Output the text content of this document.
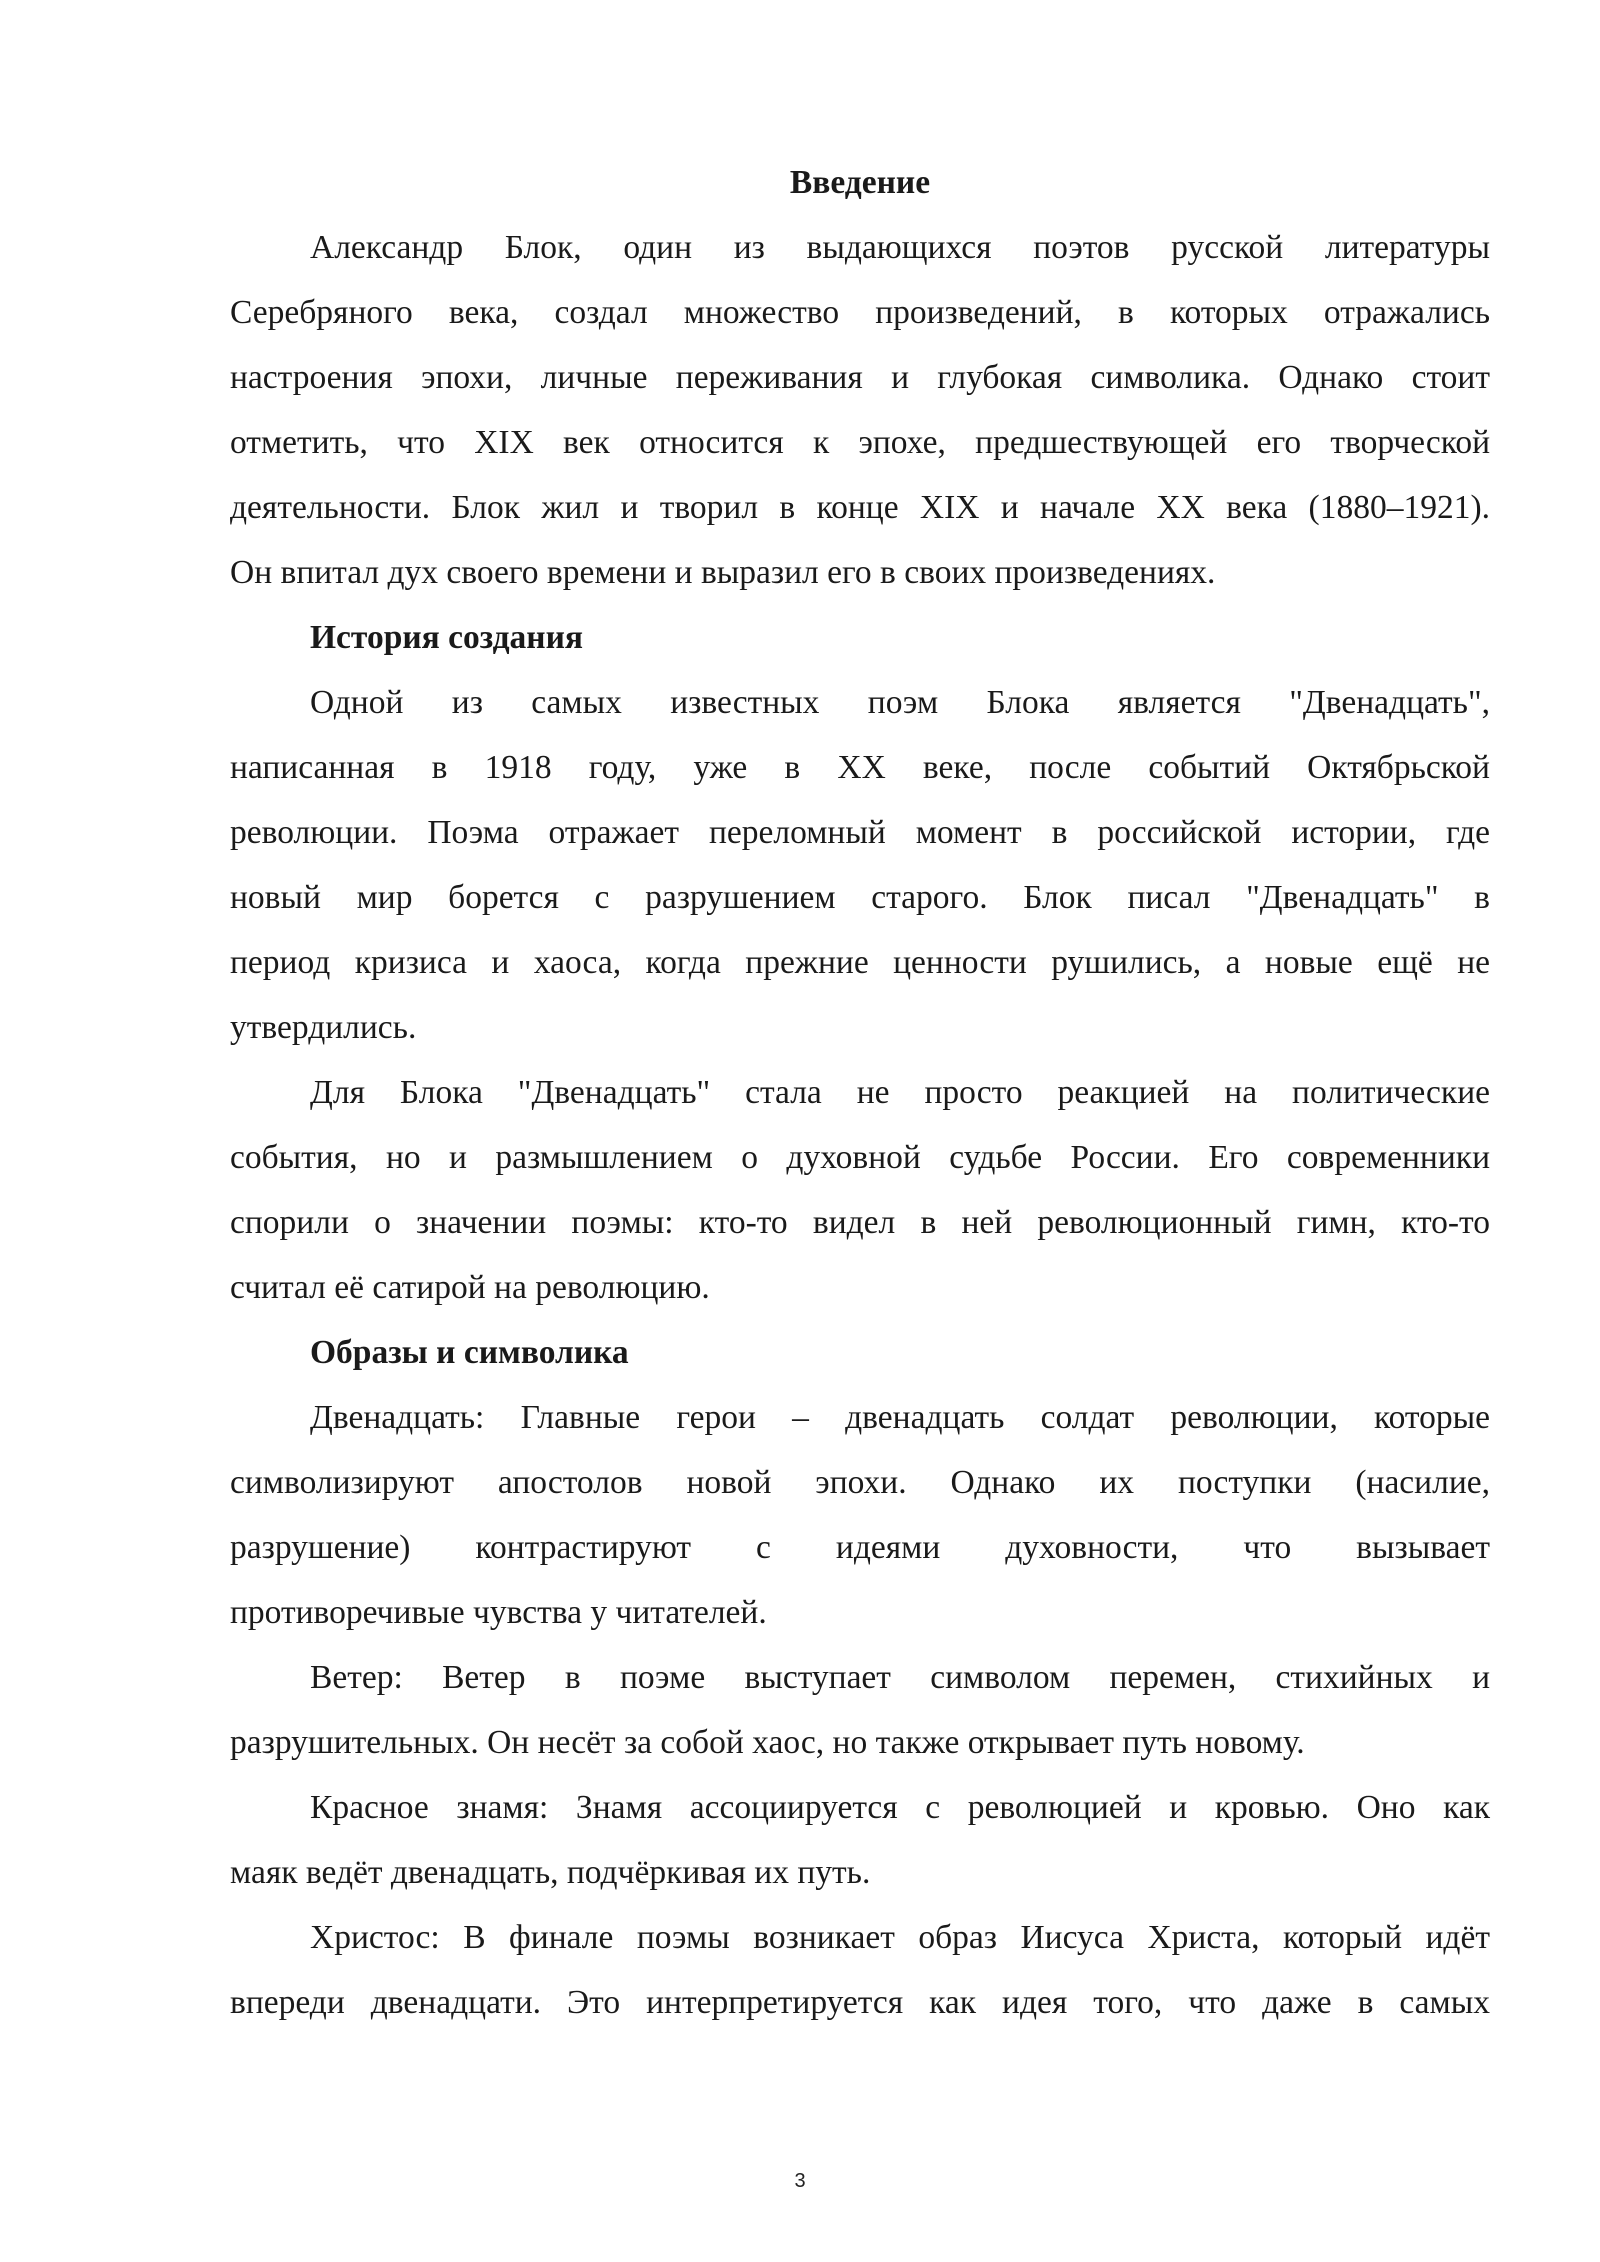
Введение
Александр Блок, один из выдающихся поэтов русской литературы
Серебряного века, создал множество произведений, в которых отражались
настроения эпохи, личные переживания и глубокая символика. Однако стоит
отметить, что XIX век относится к эпохе, предшествующей его творческой
деятельности. Блок жил и творил в конце XIX и начале XX века (1880–1921).
Он впитал дух своего времени и выразил его в своих произведениях.
История создания
Одной из самых известных поэм Блока является "Двенадцать",
написанная в 1918 году, уже в XX веке, после событий Октябрьской
революции. Поэма отражает переломный момент в российской истории, где
новый мир борется с разрушением старого. Блок писал "Двенадцать" в
период кризиса и хаоса, когда прежние ценности рушились, а новые ещё не
утвердились.
Для Блока "Двенадцать" стала не просто реакцией на политические
события, но и размышлением о духовной судьбе России. Его современники
спорили о значении поэмы: кто-то видел в ней революционный гимн, кто-то
считал её сатирой на революцию.
Образы и символика
Двенадцать: Главные герои – двенадцать солдат революции, которые
символизируют апостолов новой эпохи. Однако их поступки (насилие,
разрушение) контрастируют с идеями духовности, что вызывает
противоречивые чувства у читателей.
Ветер: Ветер в поэме выступает символом перемен, стихийных и
разрушительных. Он несёт за собой хаос, но также открывает путь новому.
Красное знамя: Знамя ассоциируется с революцией и кровью. Оно как
маяк ведёт двенадцать, подчёркивая их путь.
Христос: В финале поэмы возникает образ Иисуса Христа, который идёт
впереди двенадцати. Это интерпретируется как идея того, что даже в самых
3
